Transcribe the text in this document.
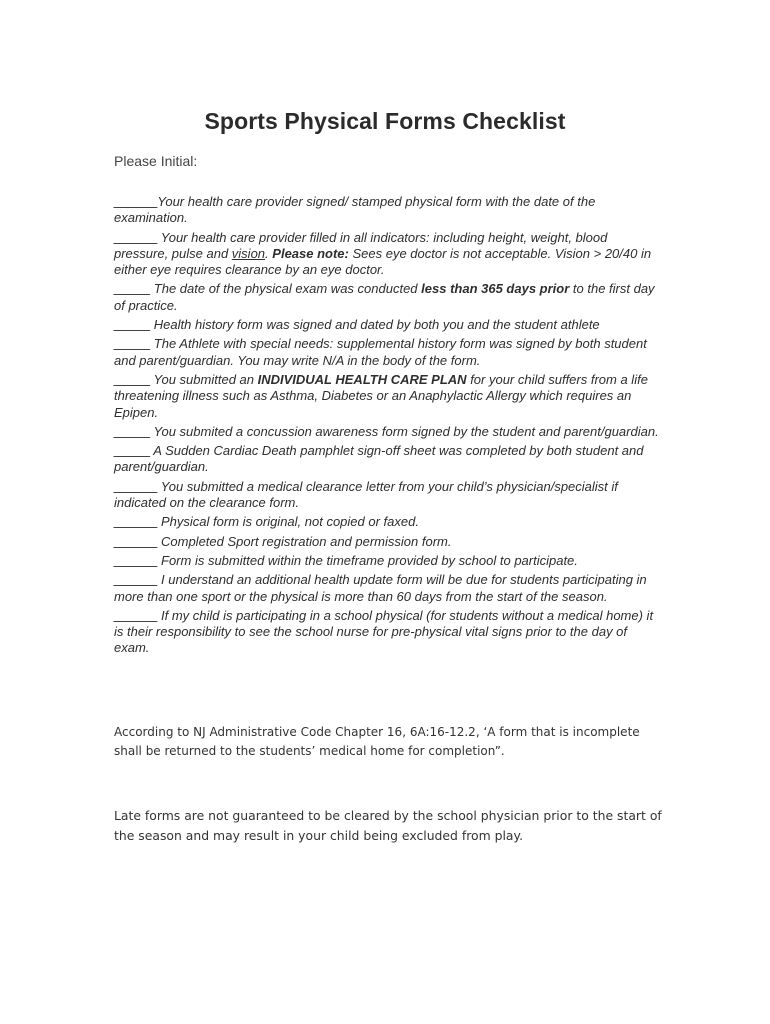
Sports Physical Forms Checklist
Please Initial:

______Your health care provider signed/ stamped physical form with the date of the examination.

______ Your health care provider filled in all indicators: including height, weight, blood pressure, pulse and vision. Please note: Sees eye doctor is not acceptable. Vision > 20/40 in either eye requires clearance by an eye doctor.

_____ The date of the physical exam was conducted less than 365 days prior to the first day of practice.

_____ Health history form was signed and dated by both you and the student athlete

_____ The Athlete with special needs: supplemental history form was signed by both student and parent/guardian. You may write N/A in the body of the form.

_____ You submitted an INDIVIDUAL HEALTH CARE PLAN for your child suffers from a life threatening illness such as Asthma, Diabetes or an Anaphylactic Allergy which requires an Epipen.

_____ You submited a concussion awareness form signed by the student and parent/guardian.

_____ A Sudden Cardiac Death pamphlet sign-off sheet was completed by both student and parent/guardian.

______ You submitted a medical clearance letter from your child’s physician/specialist if indicated on the clearance form.

______ Physical form is original, not copied or faxed.

______ Completed Sport registration and permission form.

______ Form is submitted within the timeframe provided by school to participate.

______ I understand an additional health update form will be due for students participating in more than one sport or the physical is more than 60 days from the start of the season.

______ If my child is participating in a school physical (for students without a medical home) it is their responsibility to see the school nurse for pre-physical vital signs prior to the day of exam.

According to NJ Administrative Code Chapter 16, 6A:16-12.2, ‘A form that is incomplete shall be returned to the students’ medical home for completion”.
Late forms are not guaranteed to be cleared by the school physician prior to the start of the season and may result in your child being excluded from play.
